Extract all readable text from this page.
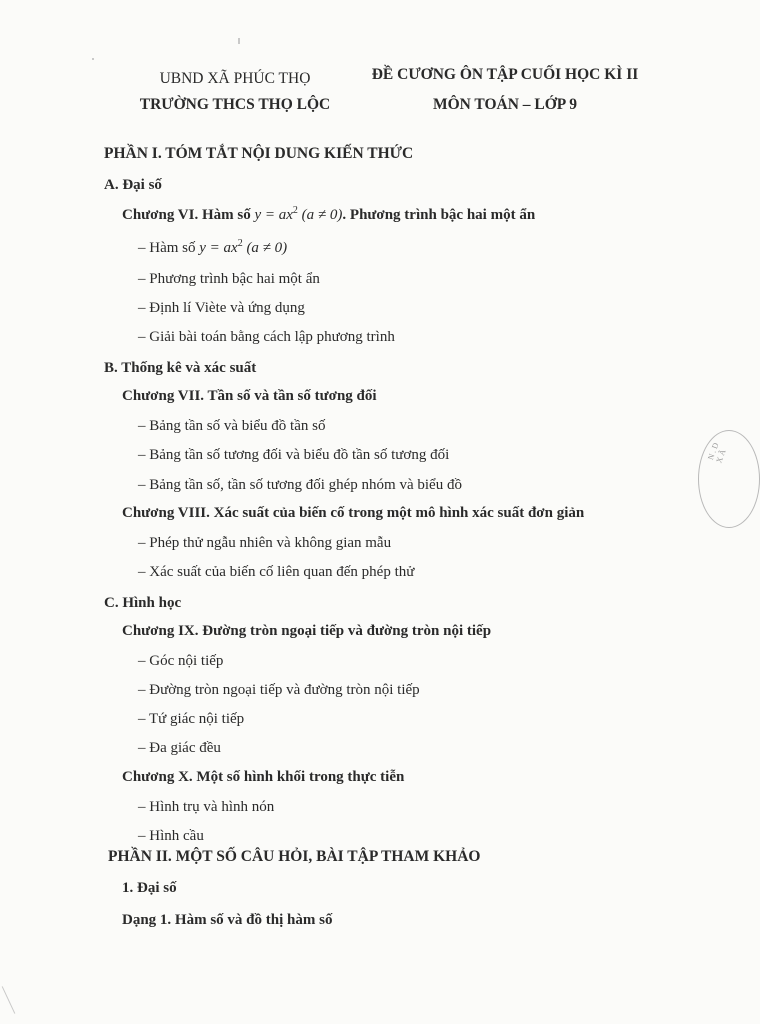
UBND XÃ PHÚC THỌ
TRƯỜNG THCS THỌ LỘC
ĐỀ CƯƠNG ÔN TẬP CUỐI HỌC KÌ II
MÔN TOÁN – LỚP 9
PHẦN I. TÓM TẮT NỘI DUNG KIẾN THỨC
A. Đại số
Chương VI. Hàm số $y = ax^2$ (a ≠ 0). Phương trình bậc hai một ẩn
– Hàm số $y = ax^2$ (a ≠ 0)
– Phương trình bậc hai một ẩn
– Định lí Viète và ứng dụng
– Giải bài toán bằng cách lập phương trình
B. Thống kê và xác suất
Chương VII. Tần số và tần số tương đối
– Bảng tần số và biểu đồ tần số
– Bảng tần số tương đối và biểu đồ tần số tương đối
– Bảng tần số, tần số tương đối ghép nhóm và biểu đồ
Chương VIII. Xác suất của biến cố trong một mô hình xác suất đơn giản
– Phép thử ngẫu nhiên và không gian mẫu
– Xác suất của biến cố liên quan đến phép thử
C. Hình học
Chương IX. Đường tròn ngoại tiếp và đường tròn nội tiếp
– Góc nội tiếp
– Đường tròn ngoại tiếp và đường tròn nội tiếp
– Tứ giác nội tiếp
– Đa giác đều
Chương X. Một số hình khối trong thực tiễn
– Hình trụ và hình nón
– Hình cầu
PHẦN II. MỘT SỐ CÂU HỎI, BÀI TẬP THAM KHẢO
1. Đại số
Dạng 1. Hàm số và đồ thị hàm số
N.D XÃ
